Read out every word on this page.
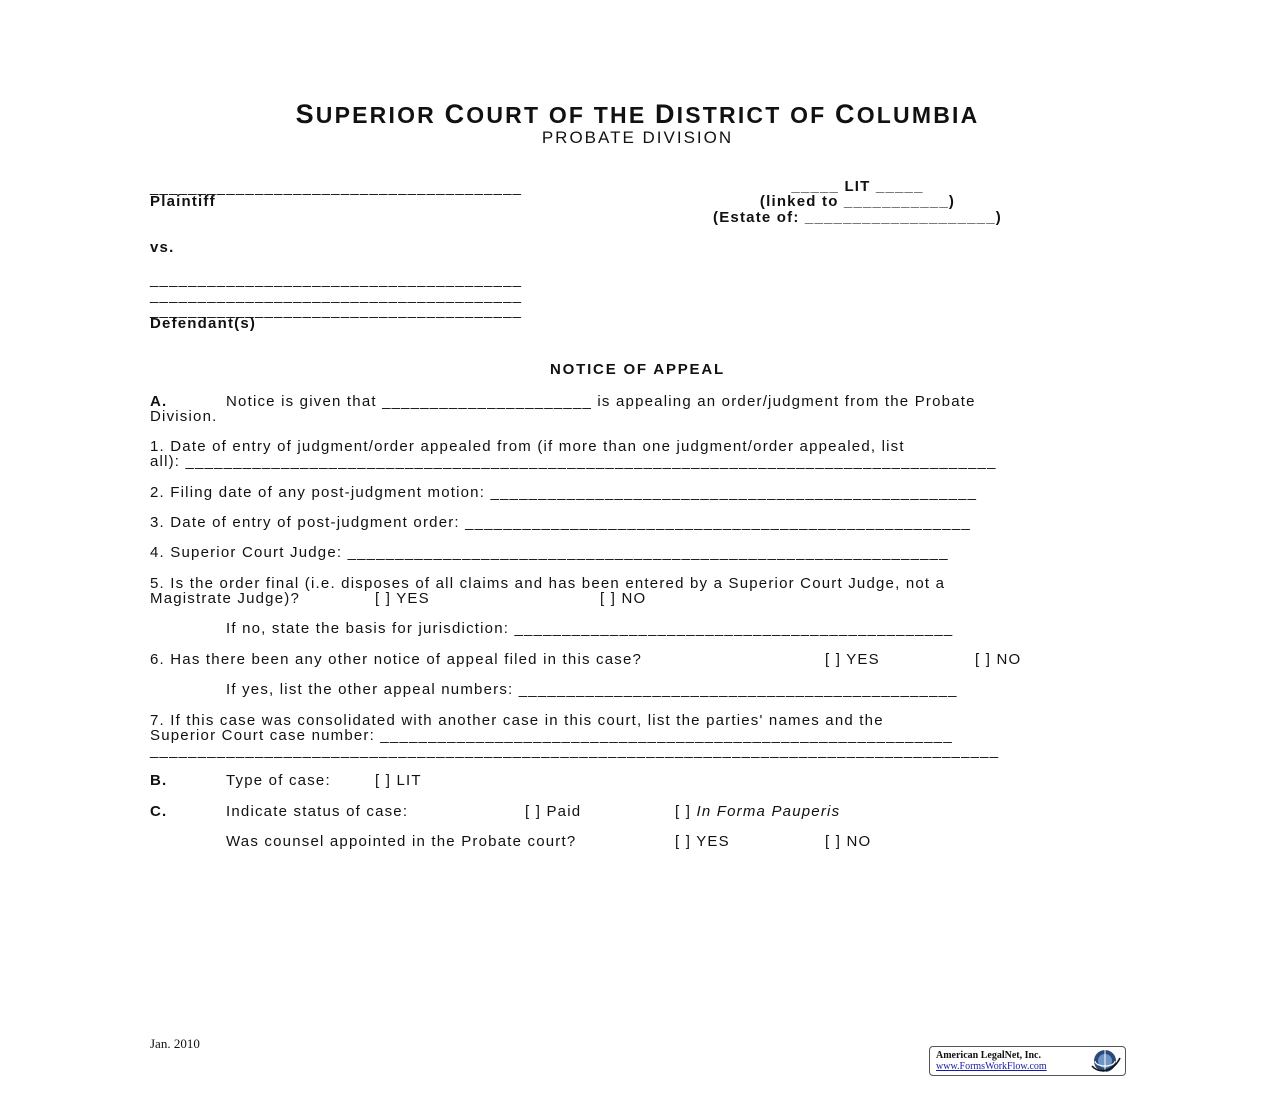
SUPERIOR COURT OF THE DISTRICT OF COLUMBIA
PROBATE DIVISION
_______________________________________
Plaintiff
vs.
_______________________________________
_______________________________________
_______________________________________
Defendant(s)
_____ LIT _____
(linked to ___________)
(Estate of: ____________________)
NOTICE OF APPEAL
A.	Notice is given that ______________________ is appealing an order/judgment from the Probate
Division.
1. Date of entry of judgment/order appealed from (if more than one judgment/order appealed, list
all): _____________________________________________________________________________________
2. Filing date of any post-judgment motion: ___________________________________________________
3. Date of entry of post-judgment order: _____________________________________________________
4. Superior Court Judge: _______________________________________________________________
5. Is the order final (i.e. disposes of all claims and has been entered by a Superior Court Judge, not a
Magistrate Judge)?	[ ] YES	[ ] NO
If no, state the basis for jurisdiction: ______________________________________________
6. Has there been any other notice of appeal filed in this case?	[ ] YES	[ ] NO
If yes, list the other appeal numbers: ______________________________________________
7. If this case was consolidated with another case in this court, list the parties' names and the
Superior Court case number: ____________________________________________________________
_________________________________________________________________________________________
B.	Type of case:	[ ] LIT
C.	Indicate status of case:	[ ] Paid	[ ] In Forma Pauperis
Was counsel appointed in the Probate court?	[ ] YES	[ ] NO
Jan. 2010

American LegalNet, Inc.

www.FormsWorkFlow.com
